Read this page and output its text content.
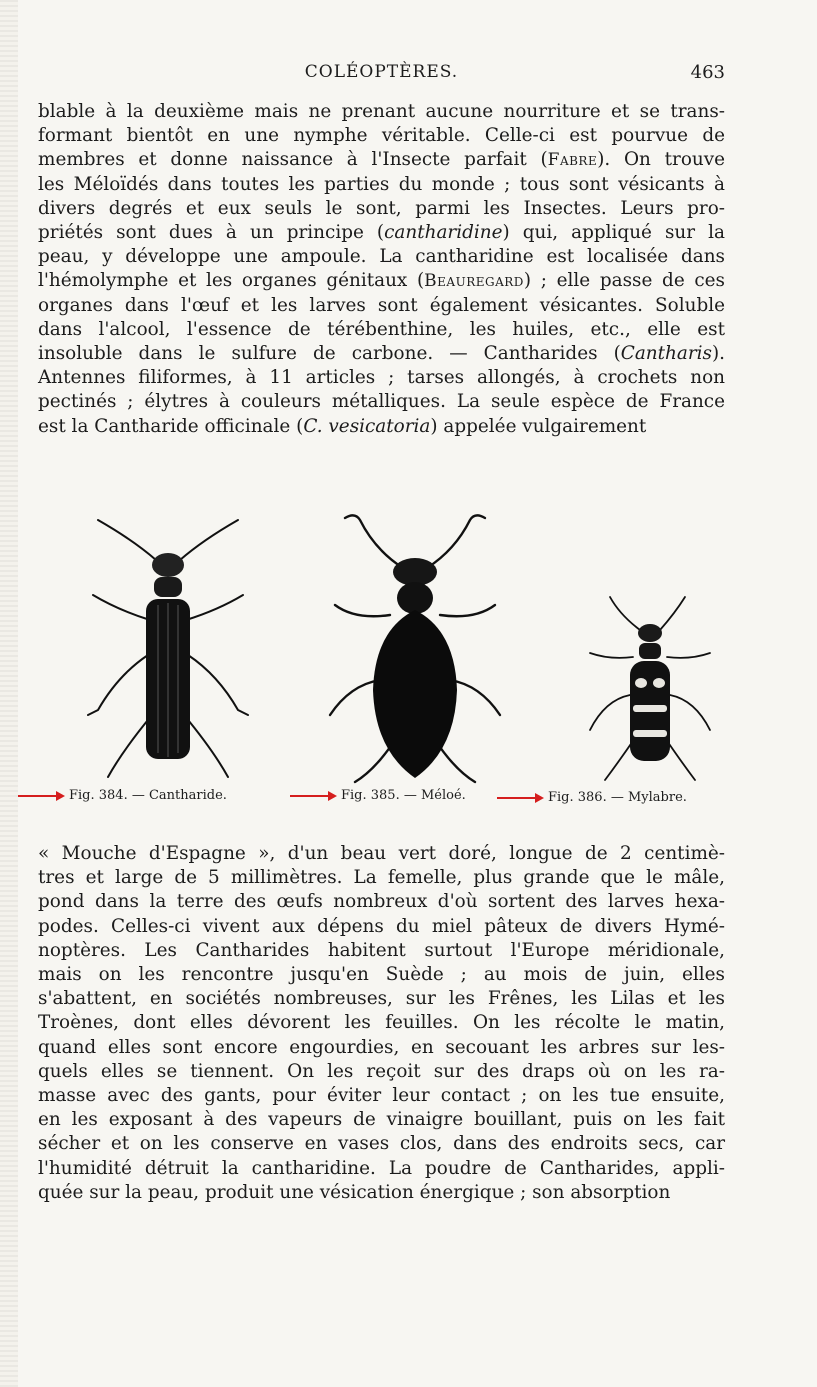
COLÉOPTÈRES.	463
blable à la deuxième mais ne prenant aucune nourriture et se trans-
formant bientôt en une nymphe véritable. Celle-ci est pourvue de
membres et donne naissance à l'Insecte parfait (Fabre). On trouve
les Méloïdés dans toutes les parties du monde ; tous sont vésicants à
divers degrés et eux seuls le sont, parmi les Insectes. Leurs pro-
priétés sont dues à un principe (cantharidine) qui, appliqué sur la
peau, y développe une ampoule. La cantharidine est localisée dans
l'hémolymphe et les organes génitaux (Beauregard) ; elle passe de ces
organes dans l'œuf et les larves sont également vésicantes. Soluble
dans l'alcool, l'essence de térébenthine, les huiles, etc., elle est
insoluble dans le sulfure de carbone. — Cantharides (Cantharis).
Antennes filiformes, à 11 articles ; tarses allongés, à crochets non
pectinés ; élytres à couleurs métalliques. La seule espèce de France
est la Cantharide officinale (C. vesicatoria) appelée vulgairement
Fig. 384. — Cantharide.	Fig. 385. — Méloé.	Fig. 386. — Mylabre.
« Mouche d'Espagne », d'un beau vert doré, longue de 2 centimè-
tres et large de 5 millimètres. La femelle, plus grande que le mâle,
pond dans la terre des œufs nombreux d'où sortent des larves hexa-
podes. Celles-ci vivent aux dépens du miel pâteux de divers Hymé-
noptères. Les Cantharides habitent surtout l'Europe méridionale,
mais on les rencontre jusqu'en Suède ; au mois de juin, elles
s'abattent, en sociétés nombreuses, sur les Frênes, les Lilas et les
Troènes, dont elles dévorent les feuilles. On les récolte le matin,
quand elles sont encore engourdies, en secouant les arbres sur les-
quels elles se tiennent. On les reçoit sur des draps où on les ra-
masse avec des gants, pour éviter leur contact ; on les tue ensuite,
en les exposant à des vapeurs de vinaigre bouillant, puis on les fait
sécher et on les conserve en vases clos, dans des endroits secs, car
l'humidité détruit la cantharidine. La poudre de Cantharides, appli-
quée sur la peau, produit une vésication énergique ; son absorption
